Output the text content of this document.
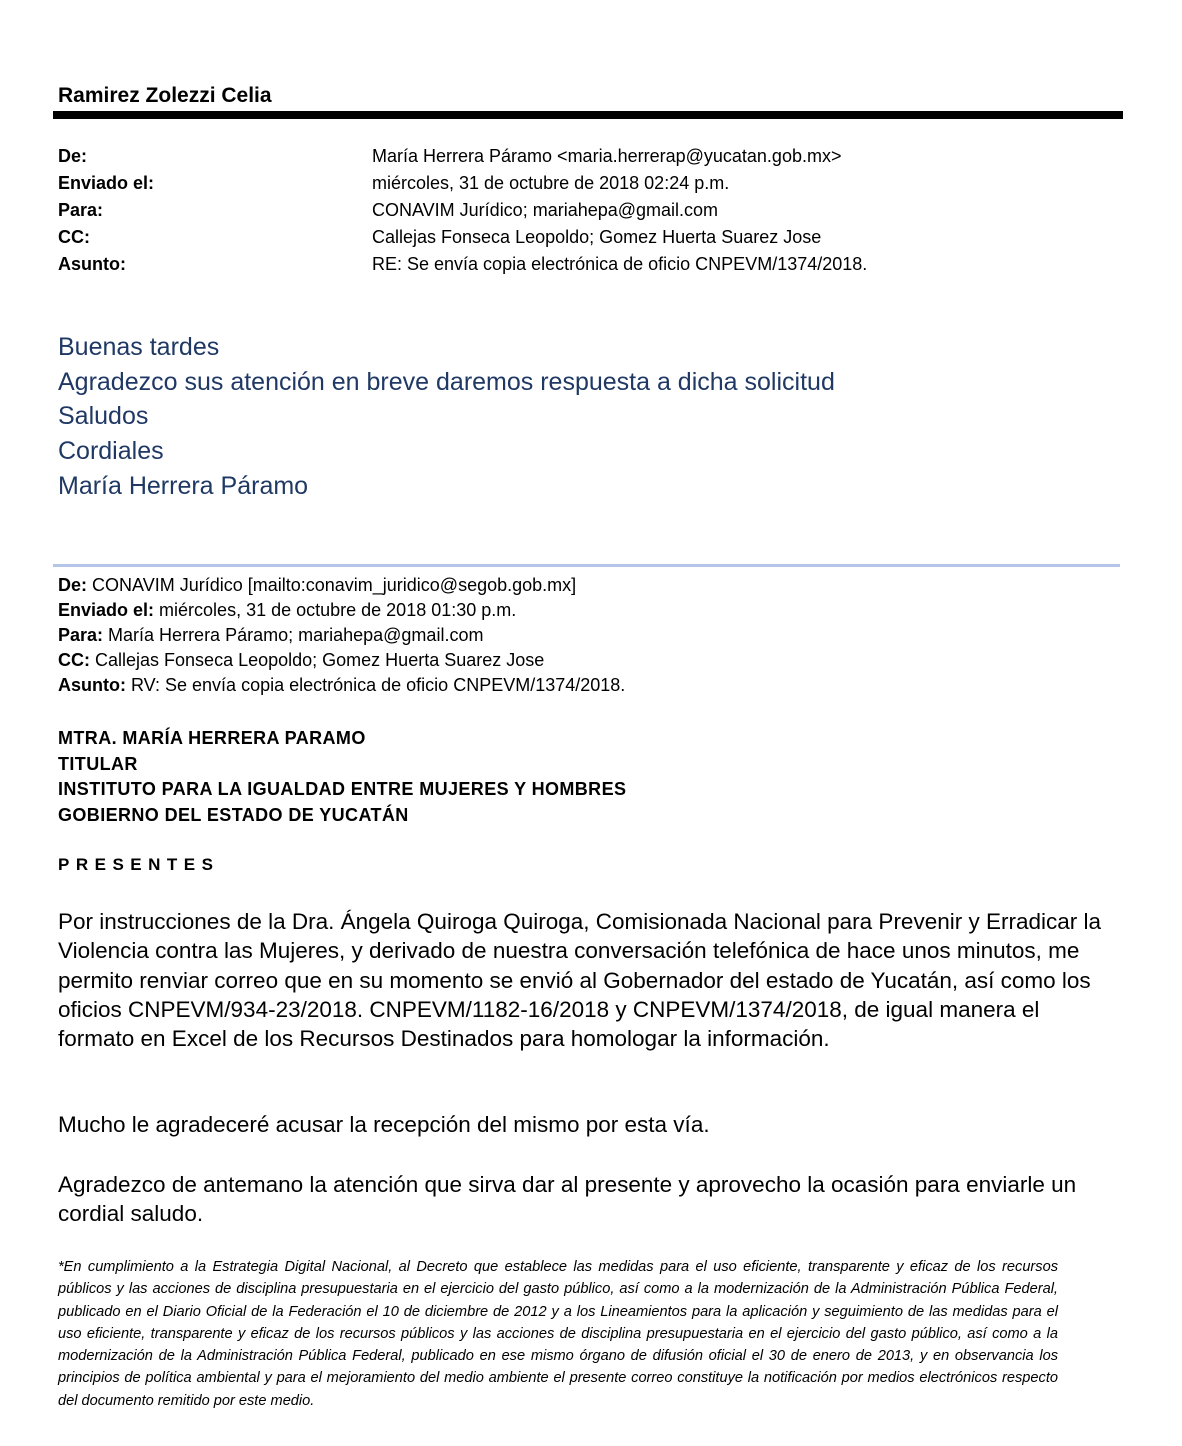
Ramirez Zolezzi Celia
De:	María Herrera Páramo <maria.herrerap@yucatan.gob.mx>
Enviado el:	miércoles, 31 de octubre de 2018 02:24 p.m.
Para:	CONAVIM Jurídico; mariahepa@gmail.com
CC:	Callejas Fonseca Leopoldo; Gomez Huerta Suarez Jose
Asunto:	RE: Se envía copia electrónica de oficio CNPEVM/1374/2018.
Buenas tardes
Agradezco sus atención en breve daremos respuesta a dicha solicitud
Saludos
Cordiales
María Herrera Páramo
De: CONAVIM Jurídico [mailto:conavim_juridico@segob.gob.mx]
Enviado el: miércoles, 31 de octubre de 2018 01:30 p.m.
Para: María Herrera Páramo; mariahepa@gmail.com
CC: Callejas Fonseca Leopoldo; Gomez Huerta Suarez Jose
Asunto: RV: Se envía copia electrónica de oficio CNPEVM/1374/2018.
MTRA. MARÍA HERRERA PARAMO
TITULAR
INSTITUTO PARA LA IGUALDAD ENTRE MUJERES Y HOMBRES
GOBIERNO DEL ESTADO DE YUCATÁN
PRESENTES

Por instrucciones de la Dra. Ángela Quiroga Quiroga, Comisionada Nacional para Prevenir y Erradicar la Violencia contra las Mujeres, y derivado de nuestra conversación telefónica de hace unos minutos, me permito renviar correo que en su momento se envió al Gobernador del estado de Yucatán, así como los oficios CNPEVM/934-23/2018. CNPEVM/1182-16/2018 y CNPEVM/1374/2018, de igual manera el formato en Excel de los Recursos Destinados para homologar la información.

Mucho le agradeceré acusar la recepción del mismo por esta vía.

Agradezco de antemano la atención que sirva dar al presente y aprovecho la ocasión para enviarle un cordial saludo.

*En cumplimiento a la Estrategia Digital Nacional, al Decreto que establece las medidas para el uso eficiente, transparente y eficaz de los recursos públicos y las acciones de disciplina presupuestaria en el ejercicio del gasto público, así como a la modernización de la Administración Pública Federal, publicado en el Diario Oficial de la Federación el 10 de diciembre de 2012 y a los Lineamientos para la aplicación y seguimiento de las medidas para el uso eficiente, transparente y eficaz de los recursos públicos y las acciones de disciplina presupuestaria en el ejercicio del gasto público, así como a la modernización de la Administración Pública Federal, publicado en ese mismo órgano de difusión oficial el 30 de enero de 2013, y en observancia los principios de política ambiental y para el mejoramiento del medio ambiente el presente correo constituye la notificación por medios electrónicos respecto del documento remitido por este medio.
